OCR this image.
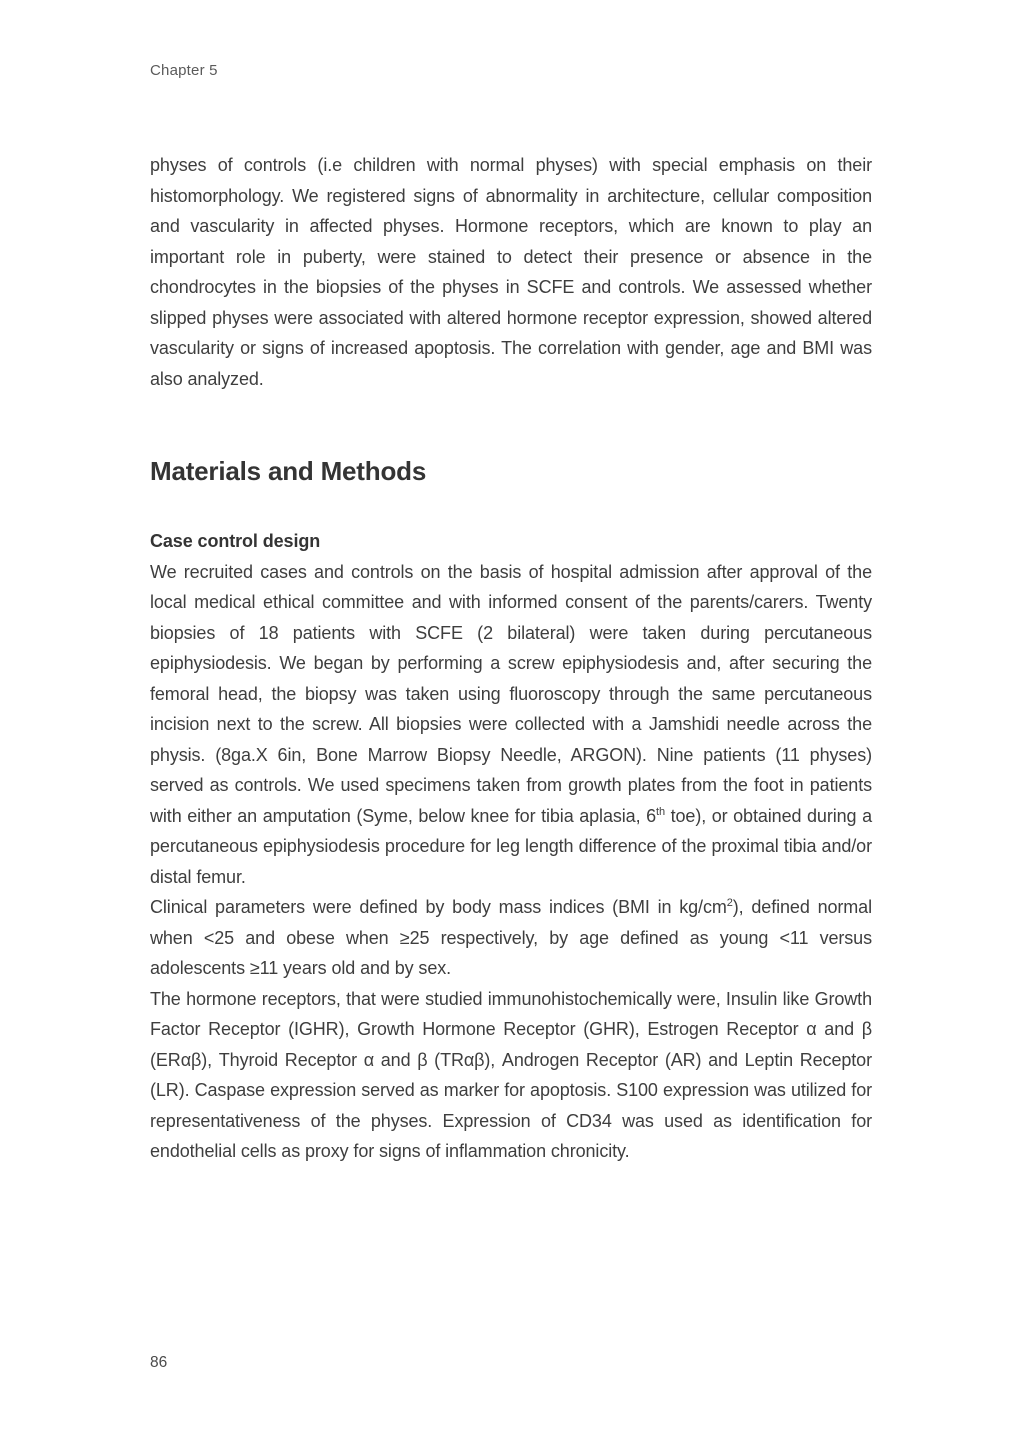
Chapter 5

physes of controls (i.e children with normal physes) with special emphasis on their histomorphology. We registered signs of abnormality in architecture, cellular composition and vascularity in affected physes. Hormone receptors, which are known to play an important role in puberty, were stained to detect their presence or absence in the chondrocytes in the biopsies of the physes in SCFE and controls. We assessed whether slipped physes were associated with altered hormone receptor expression, showed altered vascularity or signs of increased apoptosis. The correlation with gender, age and BMI was also analyzed.

Materials and Methods
Case control design

We recruited cases and controls on the basis of hospital admission after approval of the local medical ethical committee and with informed consent of the parents/carers. Twenty biopsies of 18 patients with SCFE (2 bilateral) were taken during percutaneous epiphysiodesis. We began by performing a screw epiphysiodesis and, after securing the femoral head, the biopsy was taken using fluoroscopy through the same percutaneous incision next to the screw. All biopsies were collected with a Jamshidi needle across the physis. (8ga.X 6in, Bone Marrow Biopsy Needle, ARGON). Nine patients (11 physes) served as controls. We used specimens taken from growth plates from the foot in patients with either an amputation (Syme, below knee for tibia aplasia, 6th toe), or obtained during a percutaneous epiphysiodesis procedure for leg length difference of the proximal tibia and/or distal femur.

Clinical parameters were defined by body mass indices (BMI in $kg/cm^2$), defined normal when <25 and obese when ≥25 respectively, by age defined as young <11 versus adolescents ≥11 years old and by sex.

The hormone receptors, that were studied immunohistochemically were, Insulin like Growth Factor Receptor (IGHR), Growth Hormone Receptor (GHR), Estrogen Receptor α and β (ERαβ), Thyroid Receptor α and β (TRαβ), Androgen Receptor (AR) and Leptin Receptor (LR). Caspase expression served as marker for apoptosis. S100 expression was utilized for representativeness of the physes. Expression of CD34 was used as identification for endothelial cells as proxy for signs of inflammation chronicity.

86
